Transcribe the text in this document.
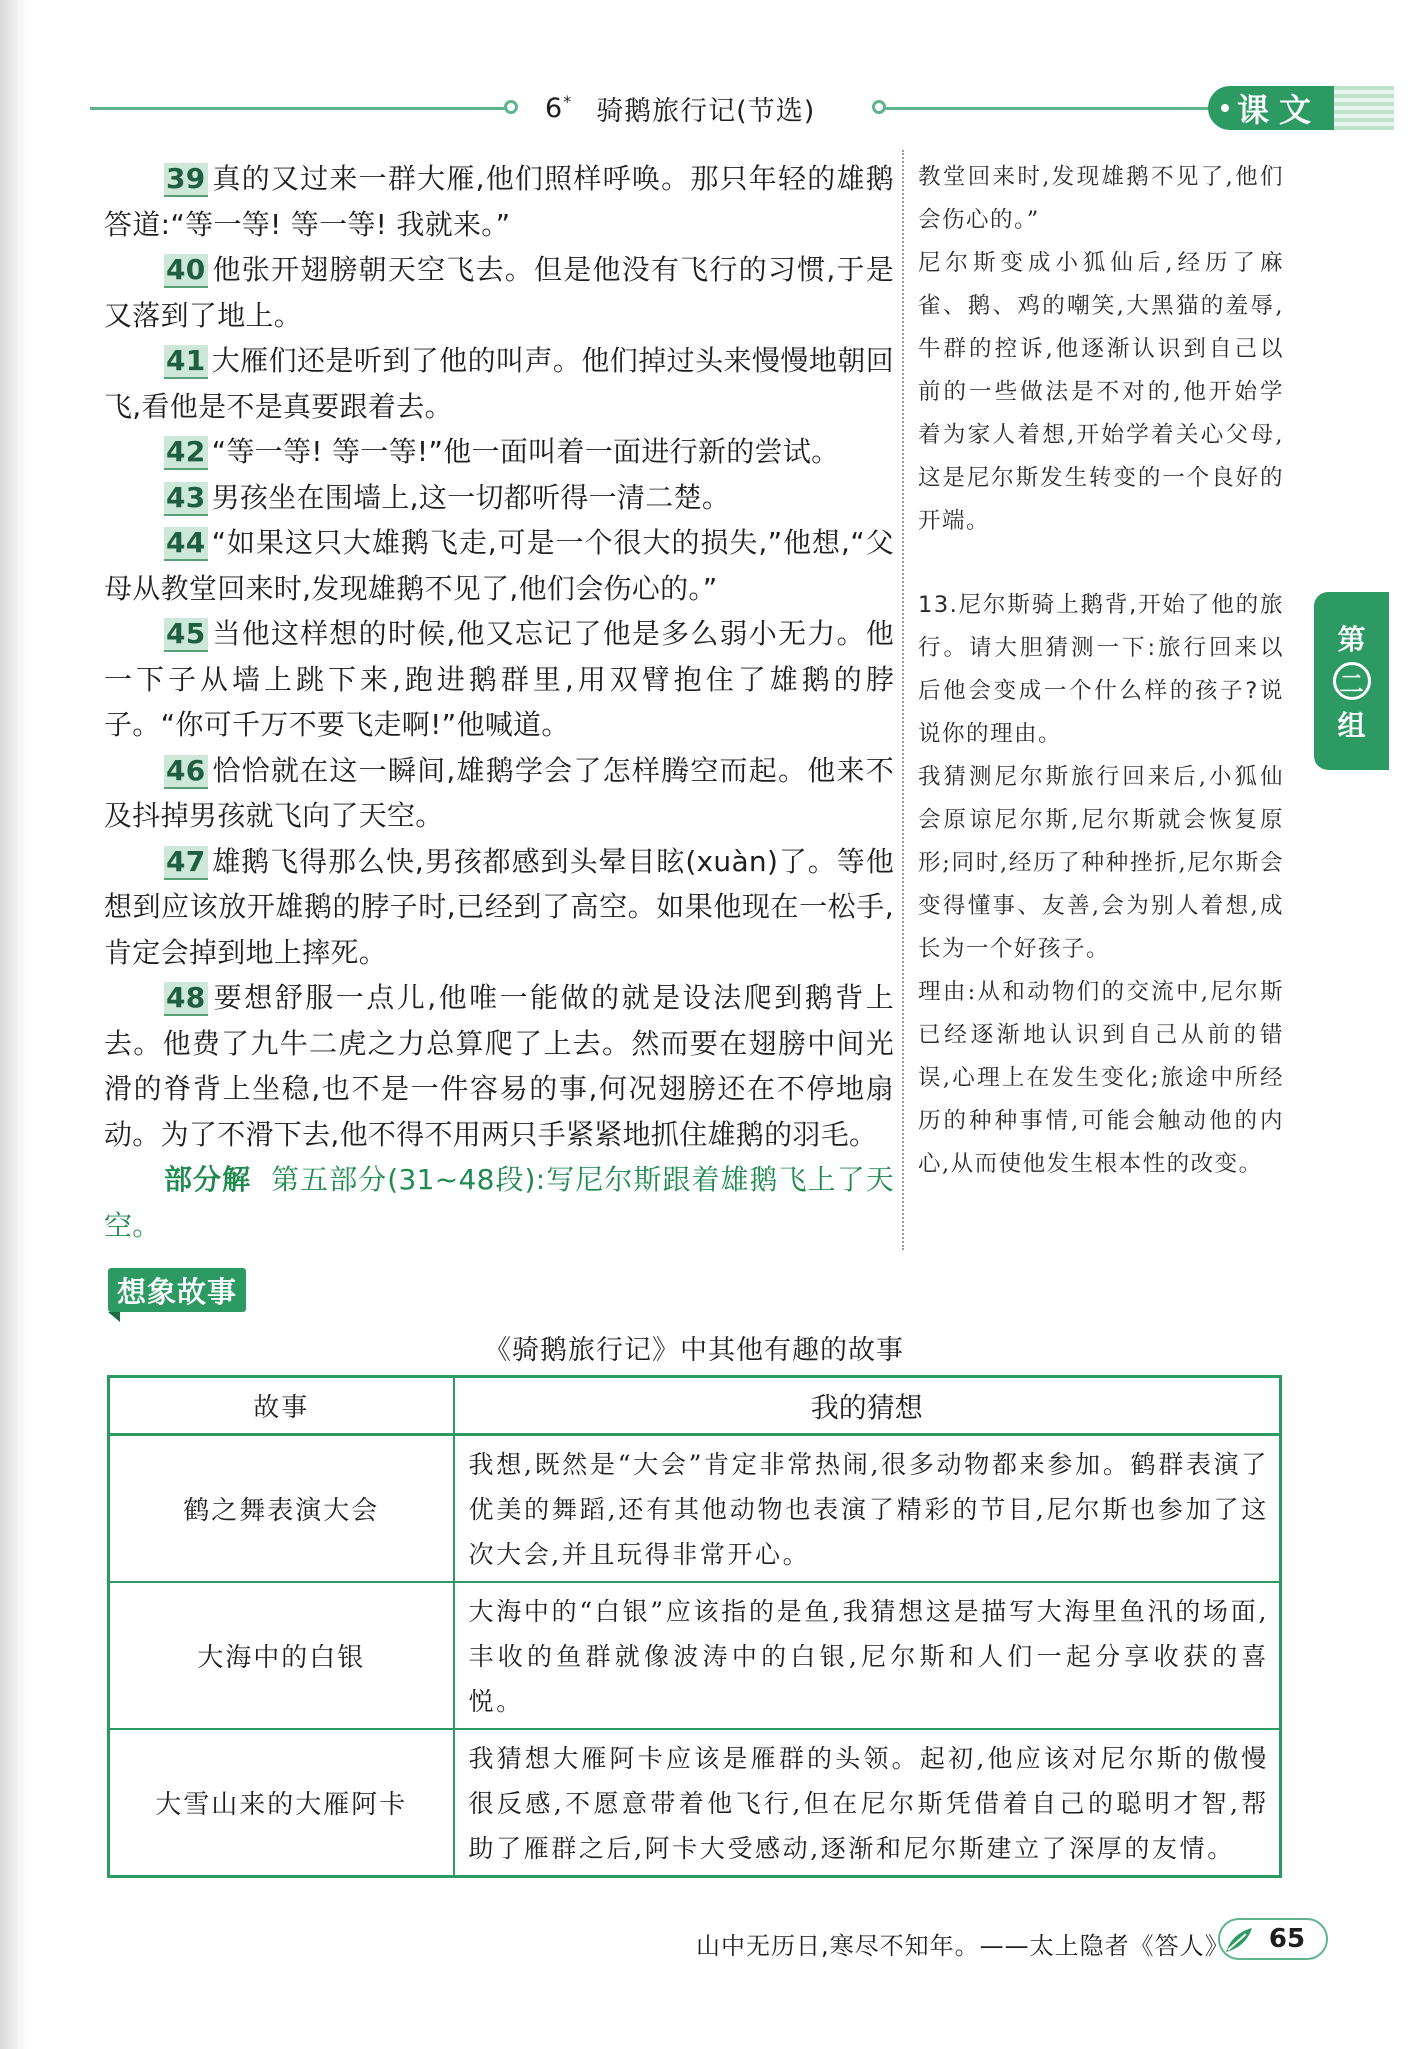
6* 骑鹅旅行记(节选)	课文

39 真的又过来一群大雁,他们照样呼唤。那只年轻的雄鹅答道:“等一等! 等一等! 我就来。”

40 他张开翅膀朝天空飞去。但是他没有飞行的习惯,于是又落到了地上。

41 大雁们还是听到了他的叫声。他们掉过头来慢慢地朝回飞,看他是不是真要跟着去。

42 “等一等! 等一等!”他一面叫着一面进行新的尝试。

43 男孩坐在围墙上,这一切都听得一清二楚。

44 “如果这只大雄鹅飞走,可是一个很大的损失,”他想,“父母从教堂回来时,发现雄鹅不见了,他们会伤心的。”

45 当他这样想的时候,他又忘记了他是多么弱小无力。他一下子从墙上跳下来,跑进鹅群里,用双臂抱住了雄鹅的脖子。“你可千万不要飞走啊!”他喊道。

46 恰恰就在这一瞬间,雄鹅学会了怎样腾空而起。他来不及抖掉男孩就飞向了天空。

47 雄鹅飞得那么快,男孩都感到头晕目眩(xuàn)了。等他想到应该放开雄鹅的脖子时,已经到了高空。如果他现在一松手,肯定会掉到地上摔死。

48 要想舒服一点儿,他唯一能做的就是设法爬到鹅背上去。他费了九牛二虎之力总算爬了上去。然而要在翅膀中间光滑的脊背上坐稳,也不是一件容易的事,何况翅膀还在不停地扇动。为了不滑下去,他不得不用两只手紧紧地抓住雄鹅的羽毛。

部分解 第五部分(31~48段):写尼尔斯跟着雄鹅飞上了天空。

教堂回来时,发现雄鹅不见了,他们会伤心的。”

尼尔斯变成小狐仙后,经历了麻雀、鹅、鸡的嘲笑,大黑猫的羞辱,牛群的控诉,他逐渐认识到自己以前的一些做法是不对的,他开始学着为家人着想,开始学着关心父母,这是尼尔斯发生转变的一个良好的开端。

13.尼尔斯骑上鹅背,开始了他的旅行。请大胆猜测一下:旅行回来以后他会变成一个什么样的孩子?说说你的理由。

我猜测尼尔斯旅行回来后,小狐仙会原谅尼尔斯,尼尔斯就会恢复原形;同时,经历了种种挫折,尼尔斯会变得懂事、友善,会为别人着想,成长为一个好孩子。

理由:从和动物们的交流中,尼尔斯已经逐渐地认识到自己从前的错误,心理上在发生变化;旅途中所经历的种种事情,可能会触动他的内心,从而使他发生根本性的改变。

第
二
组
想象故事
《骑鹅旅行记》中其他有趣的故事
故事	我的猜想
鹤之舞表演大会	我想,既然是“大会”肯定非常热闹,很多动物都来参加。鹤群表演了优美的舞蹈,还有其他动物也表演了精彩的节目,尼尔斯也参加了这次大会,并且玩得非常开心。
大海中的白银	大海中的“白银”应该指的是鱼,我猜想这是描写大海里鱼汛的场面,丰收的鱼群就像波涛中的白银,尼尔斯和人们一起分享收获的喜悦。
大雪山来的大雁阿卡	我猜想大雁阿卡应该是雁群的头领。起初,他应该对尼尔斯的傲慢很反感,不愿意带着他飞行,但在尼尔斯凭借着自己的聪明才智,帮助了雁群之后,阿卡大受感动,逐渐和尼尔斯建立了深厚的友情。
山中无历日,寒尽不知年。——太上隐者《答人》 65
